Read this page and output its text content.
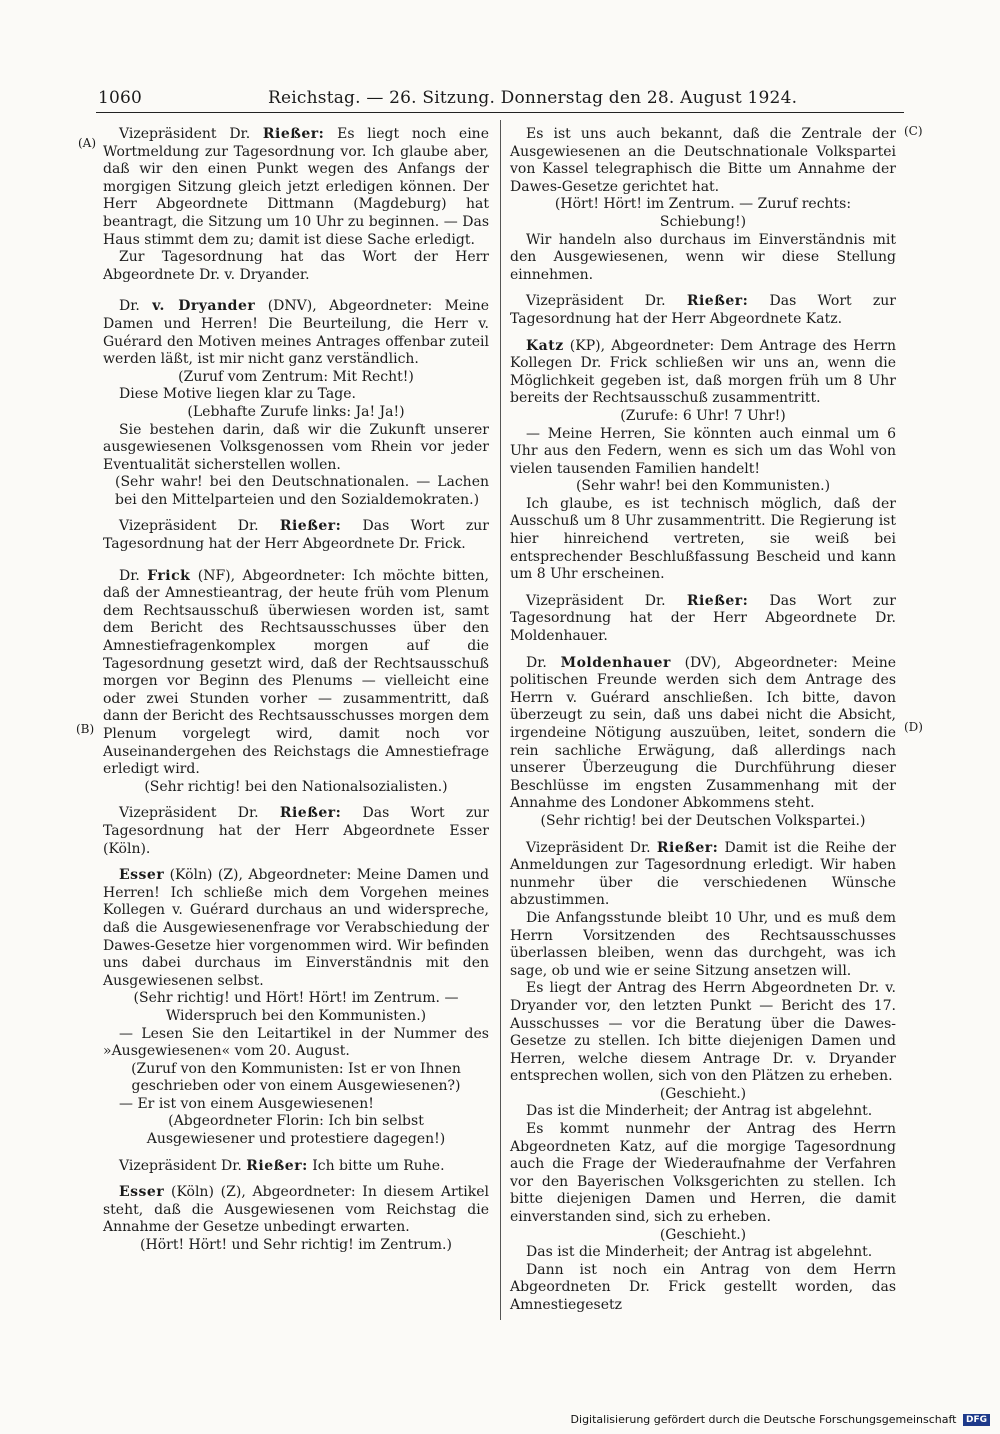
1060	Reichstag. — 26. Sitzung. Donnerstag den 28. August 1924.
(A)
(B)
(C)
(D)

Vizepräsident Dr. Rießer: Es liegt noch eine Wortmeldung zur Tagesordnung vor. Ich glaube aber, daß wir den einen Punkt wegen des Anfangs der morgigen Sitzung gleich jetzt erledigen können. Der Herr Abgeordnete Dittmann (Magdeburg) hat beantragt, die Sitzung um 10 Uhr zu beginnen. — Das Haus stimmt dem zu; damit ist diese Sache erledigt.

Zur Tagesordnung hat das Wort der Herr Abgeordnete Dr. v. Dryander.

Dr. v. Dryander (DNV), Abgeordneter: Meine Damen und Herren! Die Beurteilung, die Herr v. Guérard den Motiven meines Antrages offenbar zuteil werden läßt, ist mir nicht ganz verständlich.

(Zuruf vom Zentrum: Mit Recht!)

Diese Motive liegen klar zu Tage.

(Lebhafte Zurufe links: Ja! Ja!)

Sie bestehen darin, daß wir die Zukunft unserer ausgewiesenen Volksgenossen vom Rhein vor jeder Eventualität sicherstellen wollen.

(Sehr wahr! bei den Deutschnationalen. — Lachen bei den Mittelparteien und den Sozialdemokraten.)

Vizepräsident Dr. Rießer: Das Wort zur Tagesordnung hat der Herr Abgeordnete Dr. Frick.

Dr. Frick (NF), Abgeordneter: Ich möchte bitten, daß der Amnestieantrag, der heute früh vom Plenum dem Rechtsausschuß überwiesen worden ist, samt dem Bericht des Rechtsausschusses über den Amnestiefragenkomplex morgen auf die Tagesordnung gesetzt wird, daß der Rechtsausschuß morgen vor Beginn des Plenums — vielleicht eine oder zwei Stunden vorher — zusammentritt, daß dann der Bericht des Rechtsausschusses morgen dem Plenum vorgelegt wird, damit noch vor Auseinandergehen des Reichstags die Amnestiefrage erledigt wird.

(Sehr richtig! bei den Nationalsozialisten.)

Vizepräsident Dr. Rießer: Das Wort zur Tagesordnung hat der Herr Abgeordnete Esser (Köln).

Esser (Köln) (Z), Abgeordneter: Meine Damen und Herren! Ich schließe mich dem Vorgehen meines Kollegen v. Guérard durchaus an und widerspreche, daß die Ausgewiesenenfrage vor Verabschiedung der Dawes-Gesetze hier vorgenommen wird. Wir befinden uns dabei durchaus im Einverständnis mit den Ausgewiesenen selbst.

(Sehr richtig! und Hört! Hört! im Zentrum. — Widerspruch bei den Kommunisten.)

— Lesen Sie den Leitartikel in der Nummer des »Ausgewiesenen« vom 20. August.

(Zuruf von den Kommunisten: Ist er von Ihnen geschrieben oder von einem Ausgewiesenen?)

— Er ist von einem Ausgewiesenen!

(Abgeordneter Florin: Ich bin selbst Ausgewiesener und protestiere dagegen!)

Vizepräsident Dr. Rießer: Ich bitte um Ruhe.

Esser (Köln) (Z), Abgeordneter: In diesem Artikel steht, daß die Ausgewiesenen vom Reichstag die Annahme der Gesetze unbedingt erwarten.

(Hört! Hört! und Sehr richtig! im Zentrum.)

Es ist uns auch bekannt, daß die Zentrale der Ausgewiesenen an die Deutschnationale Volkspartei von Kassel telegraphisch die Bitte um Annahme der Dawes-Gesetze gerichtet hat.

(Hört! Hört! im Zentrum. — Zuruf rechts: Schiebung!)

Wir handeln also durchaus im Einverständnis mit den Ausgewiesenen, wenn wir diese Stellung einnehmen.

Vizepräsident Dr. Rießer: Das Wort zur Tagesordnung hat der Herr Abgeordnete Katz.

Katz (KP), Abgeordneter: Dem Antrage des Herrn Kollegen Dr. Frick schließen wir uns an, wenn die Möglichkeit gegeben ist, daß morgen früh um 8 Uhr bereits der Rechtsausschuß zusammentritt.

(Zurufe: 6 Uhr! 7 Uhr!)

— Meine Herren, Sie könnten auch einmal um 6 Uhr aus den Federn, wenn es sich um das Wohl von vielen tausenden Familien handelt!

(Sehr wahr! bei den Kommunisten.)

Ich glaube, es ist technisch möglich, daß der Ausschuß um 8 Uhr zusammentritt. Die Regierung ist hier hinreichend vertreten, sie weiß bei entsprechender Beschlußfassung Bescheid und kann um 8 Uhr erscheinen.

Vizepräsident Dr. Rießer: Das Wort zur Tagesordnung hat der Herr Abgeordnete Dr. Moldenhauer.

Dr. Moldenhauer (DV), Abgeordneter: Meine politischen Freunde werden sich dem Antrage des Herrn v. Guérard anschließen. Ich bitte, davon überzeugt zu sein, daß uns dabei nicht die Absicht, irgendeine Nötigung auszuüben, leitet, sondern die rein sachliche Erwägung, daß allerdings nach unserer Überzeugung die Durchführung dieser Beschlüsse im engsten Zusammenhang mit der Annahme des Londoner Abkommens steht.

(Sehr richtig! bei der Deutschen Volkspartei.)

Vizepräsident Dr. Rießer: Damit ist die Reihe der Anmeldungen zur Tagesordnung erledigt. Wir haben nunmehr über die verschiedenen Wünsche abzustimmen.

Die Anfangsstunde bleibt 10 Uhr, und es muß dem Herrn Vorsitzenden des Rechtsausschusses überlassen bleiben, wenn das durchgeht, was ich sage, ob und wie er seine Sitzung ansetzen will.

Es liegt der Antrag des Herrn Abgeordneten Dr. v. Dryander vor, den letzten Punkt — Bericht des 17. Ausschusses — vor die Beratung über die Dawes-Gesetze zu stellen. Ich bitte diejenigen Damen und Herren, welche diesem Antrage Dr. v. Dryander entsprechen wollen, sich von den Plätzen zu erheben.

(Geschieht.)

Das ist die Minderheit; der Antrag ist abgelehnt.

Es kommt nunmehr der Antrag des Herrn Abgeordneten Katz, auf die morgige Tagesordnung auch die Frage der Wiederaufnahme der Verfahren vor den Bayerischen Volksgerichten zu stellen. Ich bitte diejenigen Damen und Herren, die damit einverstanden sind, sich zu erheben.

(Geschieht.)

Das ist die Minderheit; der Antrag ist abgelehnt.

Dann ist noch ein Antrag von dem Herrn Abgeordneten Dr. Frick gestellt worden, das Amnestiegesetz

Digitalisierung gefördert durch die Deutsche Forschungsgemeinschaft DFG
